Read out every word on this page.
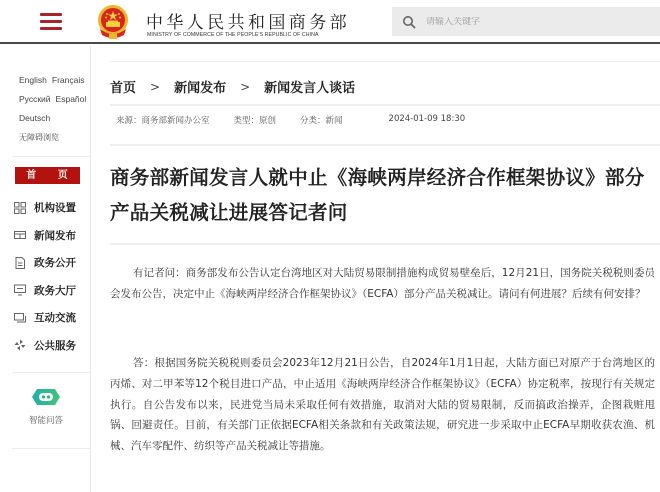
中华人民共和国商务部
MINISTRY OF COMMERCE OF THE PEOPLE'S REPUBLIC OF CHINA
请输入关键字
English Français
Pусский Español
Deutsch
无障碍浏览
首 页
机构设置
新闻发布
政务公开
政务大厅
互动交流
公共服务
智能问答
首页 > 新闻发布 > 新闻发言人谈话
来源：商务部新闻办公室	类型：原创	分类：新闻	2024-01-09 18:30
商务部新闻发言人就中止《海峡两岸经济合作框架协议》部分产品关税减让进展答记者问

有记者问：商务部发布公告认定台湾地区对大陆贸易限制措施构成贸易壁垒后，12月21日，国务院关税税则委员会发布公告，决定中止《海峡两岸经济合作框架协议》（ECFA）部分产品关税减让。请问有何进展？后续有何安排？

答：根据国务院关税税则委员会2023年12月21日公告，自2024年1月1日起，大陆方面已对原产于台湾地区的丙烯、对二甲苯等12个税目进口产品，中止适用《海峡两岸经济合作框架协议》（ECFA）协定税率，按现行有关规定执行。自公告发布以来，民进党当局未采取任何有效措施，取消对大陆的贸易限制，反而搞政治操弄，企图栽赃甩锅、回避责任。目前，有关部门正依据ECFA相关条款和有关政策法规，研究进一步采取中止ECFA早期收获农渔、机械、汽车零配件、纺织等产品关税减让等措施。
